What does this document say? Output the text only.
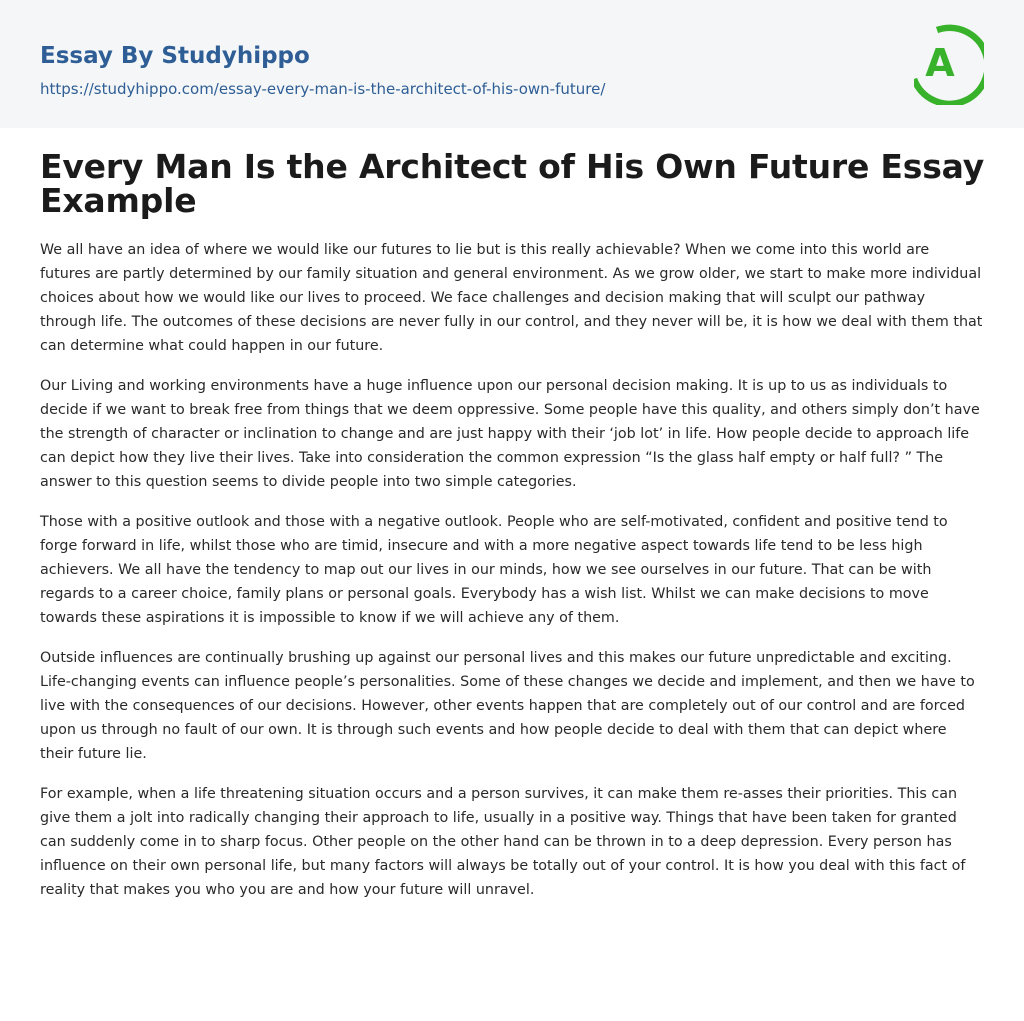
Essay By Studyhippo
https://studyhippo.com/essay-every-man-is-the-architect-of-his-own-future/
A
Every Man Is the Architect of His Own Future Essay Example

We all have an idea of where we would like our futures to lie but is this really achievable? When we come into this world are futures are partly determined by our family situation and general environment. As we grow older, we start to make more individual choices about how we would like our lives to proceed. We face challenges and decision making that will sculpt our pathway through life. The outcomes of these decisions are never fully in our control, and they never will be, it is how we deal with them that can determine what could happen in our future.

Our Living and working environments have a huge influence upon our personal decision making. It is up to us as individuals to decide if we want to break free from things that we deem oppressive. Some people have this quality, and others simply don’t have the strength of character or inclination to change and are just happy with their ‘job lot’ in life. How people decide to approach life can depict how they live their lives. Take into consideration the common expression “Is the glass half empty or half full? ” The answer to this question seems to divide people into two simple categories.

Those with a positive outlook and those with a negative outlook. People who are self-motivated, confident and positive tend to forge forward in life, whilst those who are timid, insecure and with a more negative aspect towards life tend to be less high achievers. We all have the tendency to map out our lives in our minds, how we see ourselves in our future. That can be with regards to a career choice, family plans or personal goals. Everybody has a wish list. Whilst we can make decisions to move towards these aspirations it is impossible to know if we will achieve any of them.

Outside influences are continually brushing up against our personal lives and this makes our future unpredictable and exciting. Life-changing events can influence people’s personalities. Some of these changes we decide and implement, and then we have to live with the consequences of our decisions. However, other events happen that are completely out of our control and are forced upon us through no fault of our own. It is through such events and how people decide to deal with them that can depict where their future lie.

For example, when a life threatening situation occurs and a person survives, it can make them re-asses their priorities. This can give them a jolt into radically changing their approach to life, usually in a positive way. Things that have been taken for granted can suddenly come in to sharp focus. Other people on the other hand can be thrown in to a deep depression. Every person has influence on their own personal life, but many factors will always be totally out of your control. It is how you deal with this fact of reality that makes you who you are and how your future will unravel.
